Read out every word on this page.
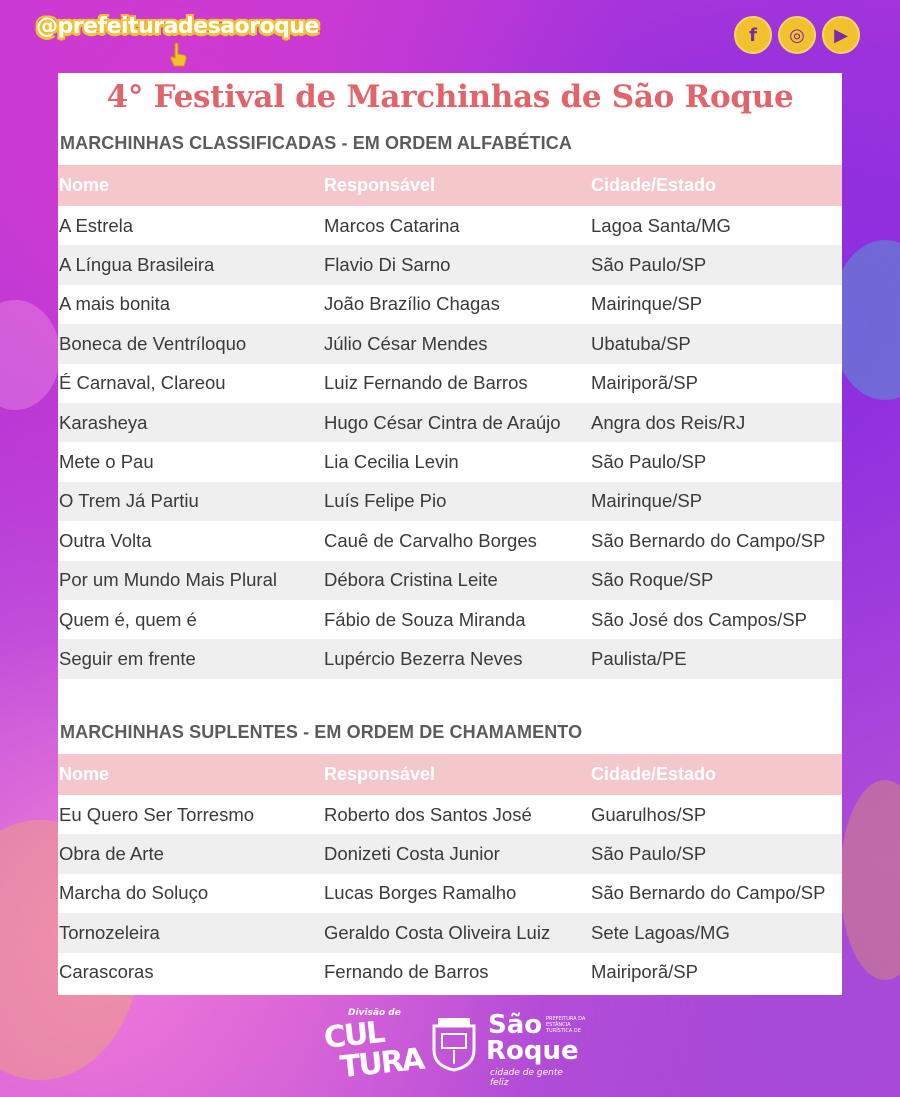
@prefeituradesaoroque	f	◎	▶
4° Festival de Marchinhas de São Roque
MARCHINHAS CLASSIFICADAS - EM ORDEM ALFABÉTICA
Nome	Responsável	Cidade/Estado
A Estrela	Marcos Catarina	Lagoa Santa/MG
A Língua Brasileira	Flavio Di Sarno	São Paulo/SP
A mais bonita	João Brazílio Chagas	Mairinque/SP
Boneca de Ventríloquo	Júlio César Mendes	Ubatuba/SP
É Carnaval, Clareou	Luiz Fernando de Barros	Mairiporã/SP
Karasheya	Hugo César Cintra de Araújo	Angra dos Reis/RJ
Mete o Pau	Lia Cecilia Levin	São Paulo/SP
O Trem Já Partiu	Luís Felipe Pio	Mairinque/SP
Outra Volta	Cauê de Carvalho Borges	São Bernardo do Campo/SP
Por um Mundo Mais Plural	Débora Cristina Leite	São Roque/SP
Quem é, quem é	Fábio de Souza Miranda	São José dos Campos/SP
Seguir em frente	Lupércio Bezerra Neves	Paulista/PE
MARCHINHAS SUPLENTES - EM ORDEM DE CHAMAMENTO
Nome	Responsável	Cidade/Estado
Eu Quero Ser Torresmo	Roberto dos Santos José	Guarulhos/SP
Obra de Arte	Donizeti Costa Junior	São Paulo/SP
Marcha do Soluço	Lucas Borges Ramalho	São Bernardo do Campo/SP
Tornozeleira	Geraldo Costa Oliveira Luiz	Sete Lagoas/MG
Carascoras	Fernando de Barros	Mairiporã/SP
Divisão de
CUL
TURA
São
Roque
PREFEITURA DA ESTÂNCIA TURÍSTICA DE
cidade de gente feliz
